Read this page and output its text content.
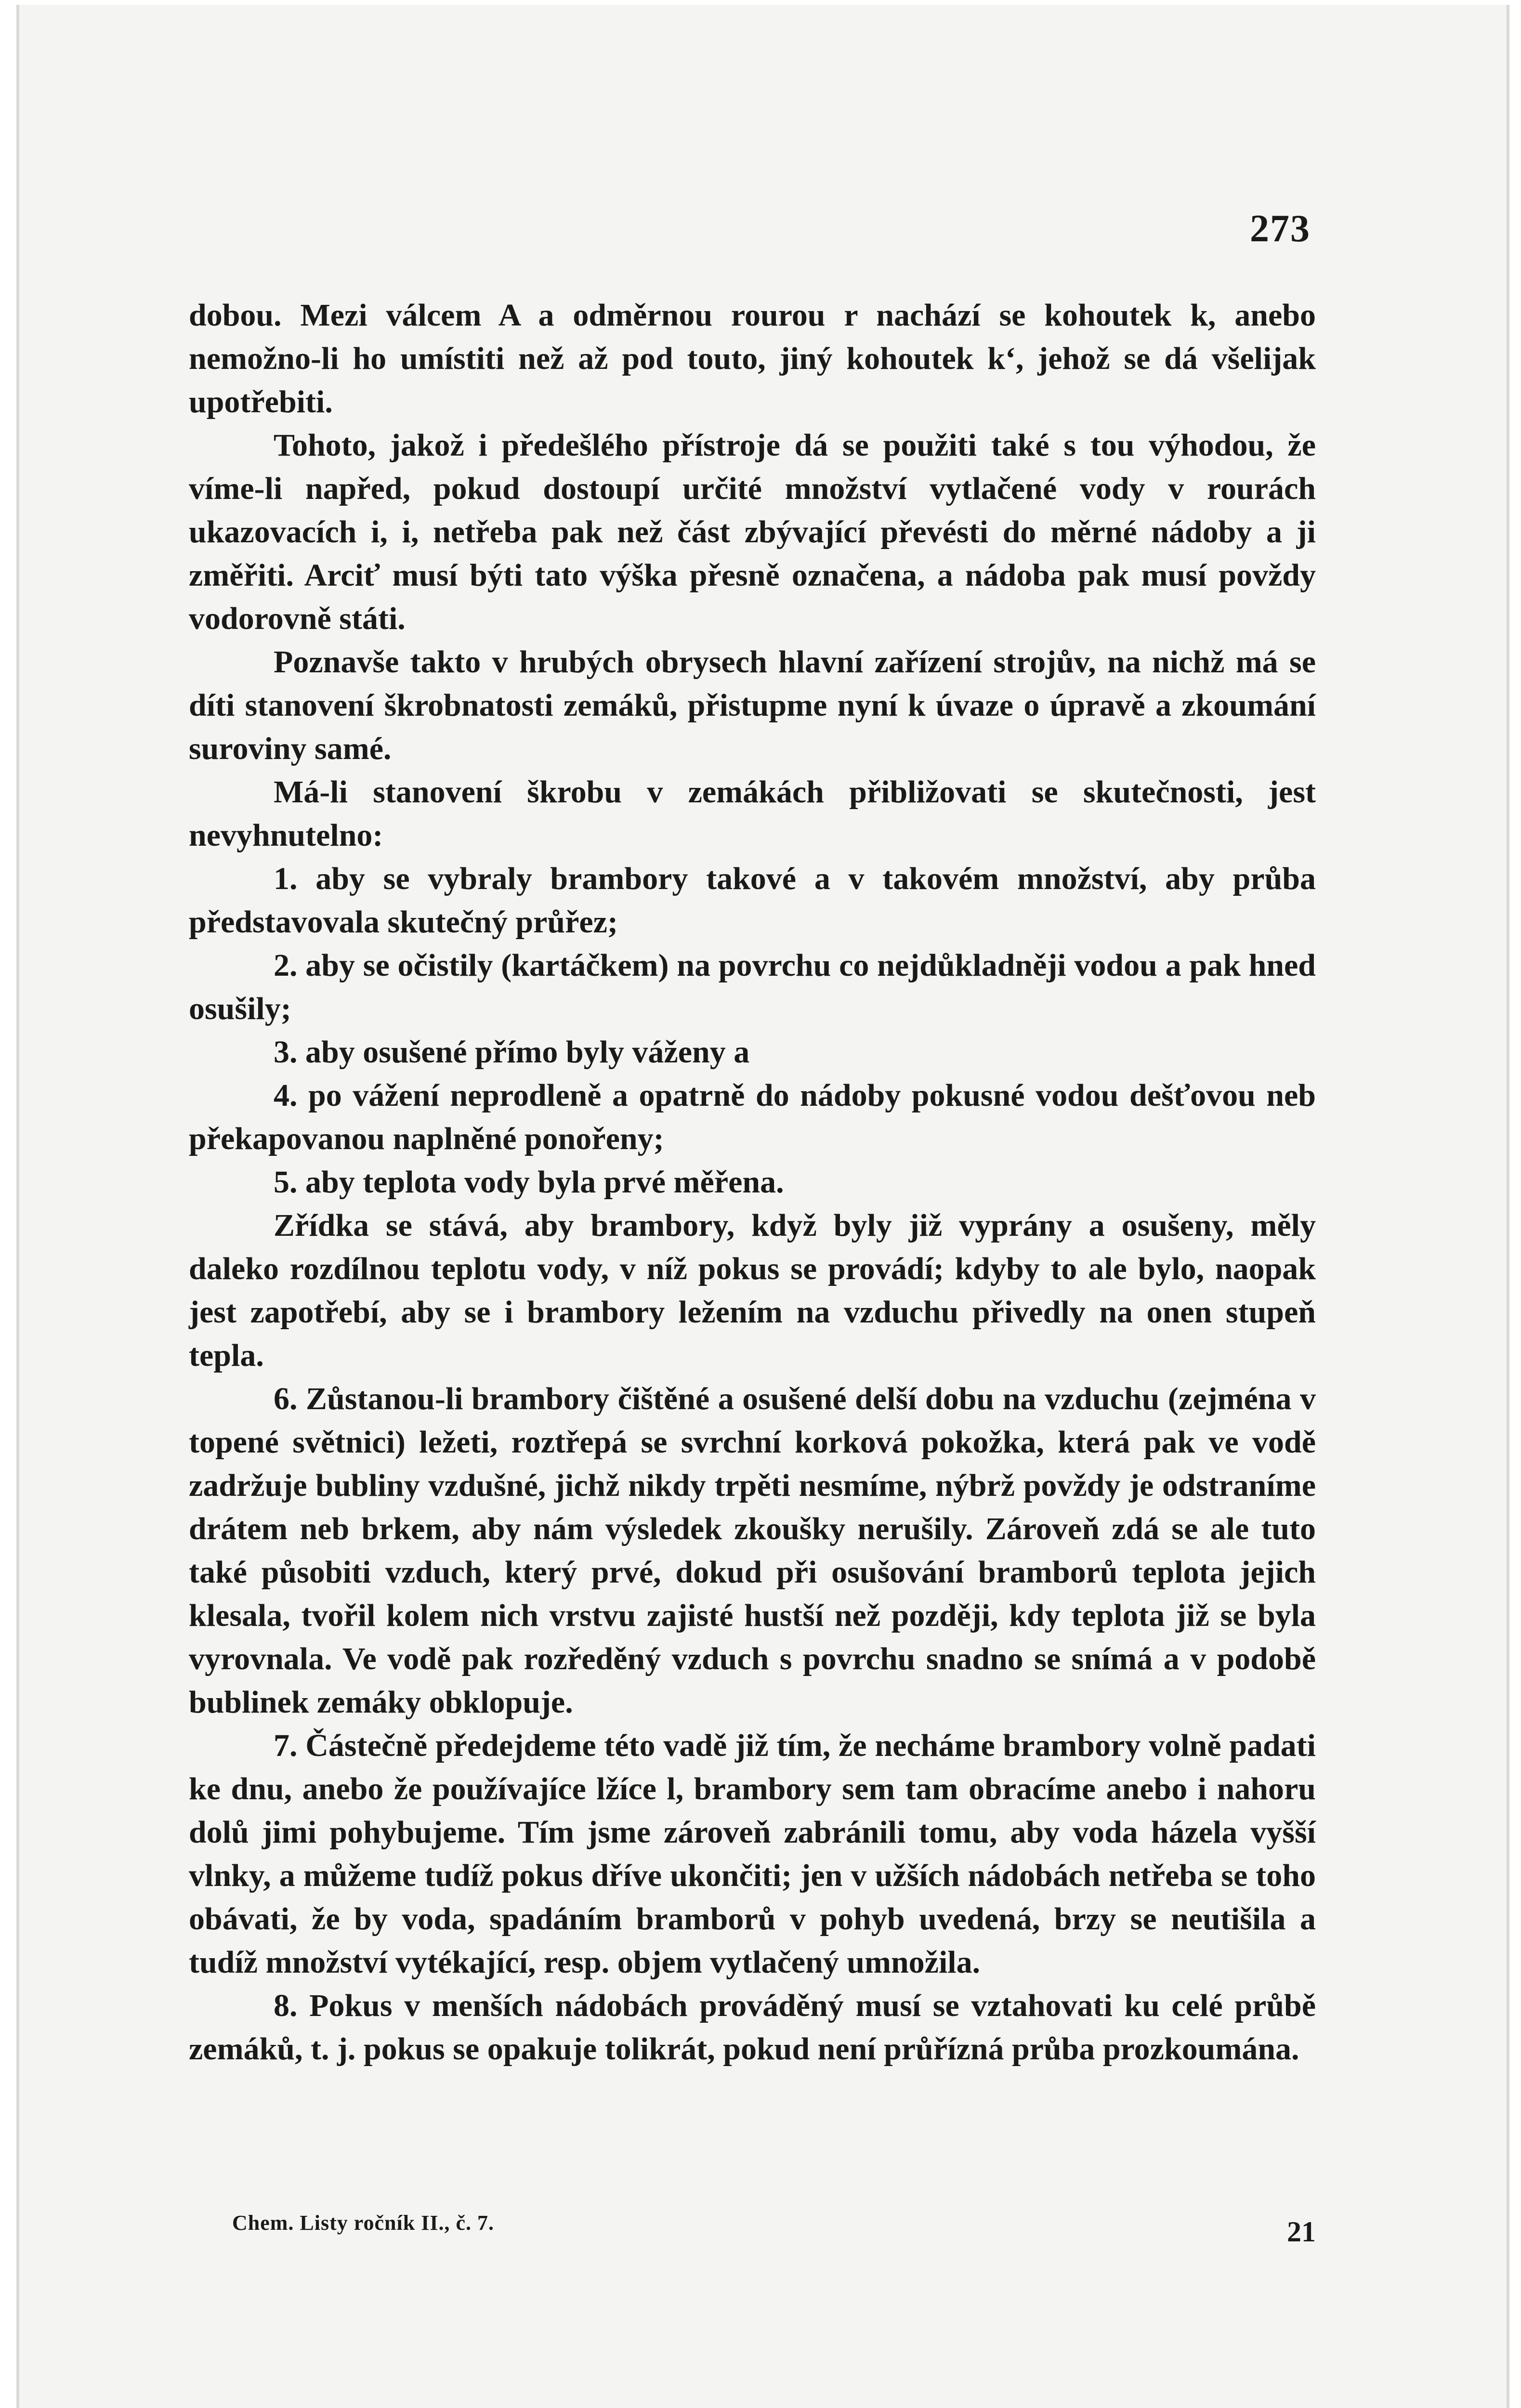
273

dobou. Mezi válcem A a odměrnou rourou r nachází se kohoutek k, anebo nemožno-li ho umístiti než až pod touto, jiný kohoutek k‘, jehož se dá všelijak upotřebiti.

Tohoto, jakož i předešlého přístroje dá se použiti také s tou výhodou, že víme-li napřed, pokud dostoupí určité množství vytlačené vody v rourách ukazovacích i, i, netřeba pak než část zbývající převésti do měrné nádoby a ji změřiti. Arciť musí býti tato výška přesně označena, a nádoba pak musí povždy vodorovně státi.

Poznavše takto v hrubých obrysech hlavní zařízení strojův, na nichž má se díti stanovení škrobnatosti zemáků, přistupme nyní k úvaze o úpravě a zkoumání suroviny samé.

Má-li stanovení škrobu v zemákách přibližovati se skutečnosti, jest nevyhnutelno:

1. aby se vybraly brambory takové a v takovém množství, aby průba představovala skutečný průřez;

2. aby se očistily (kartáčkem) na povrchu co nejdůkladněji vodou a pak hned osušily;

3. aby osušené přímo byly váženy a

4. po vážení neprodleně a opatrně do nádoby pokusné vodou dešťovou neb překapovanou naplněné ponořeny;

5. aby teplota vody byla prvé měřena.

Zřídka se stává, aby brambory, když byly již vyprány a osušeny, měly daleko rozdílnou teplotu vody, v níž pokus se provádí; kdyby to ale bylo, naopak jest zapotřebí, aby se i brambory ležením na vzduchu přivedly na onen stupeň tepla.

6. Zůstanou-li brambory čištěné a osušené delší dobu na vzduchu (zejména v topené světnici) ležeti, roztřepá se svrchní korková pokožka, která pak ve vodě zadržuje bubliny vzdušné, jichž nikdy trpěti nesmíme, nýbrž povždy je odstraníme drátem neb brkem, aby nám výsledek zkoušky nerušily. Zároveň zdá se ale tuto také působiti vzduch, který prvé, dokud při osušování bramborů teplota jejich klesala, tvořil kolem nich vrstvu zajisté hustší než později, kdy teplota již se byla vyrovnala. Ve vodě pak rozředěný vzduch s povrchu snadno se snímá a v podobě bublinek zemáky obklopuje.

7. Částečně předejdeme této vadě již tím, že necháme brambory volně padati ke dnu, anebo že používajíce lžíce l, brambory sem tam obracíme anebo i nahoru dolů jimi pohybujeme. Tím jsme zároveň zabránili tomu, aby voda házela vyšší vlnky, a můžeme tudíž pokus dříve ukončiti; jen v užších nádobách netřeba se toho obávati, že by voda, spadáním bramborů v pohyb uvedená, brzy se neutišila a tudíž množství vytékající, resp. objem vytlačený umnožila.

8. Pokus v menších nádobách prováděný musí se vztahovati ku celé průbě zemáků, t. j. pokus se opakuje tolikrát, pokud není průřízná průba prozkoumána.

Chem. Listy ročník II., č. 7.	21
